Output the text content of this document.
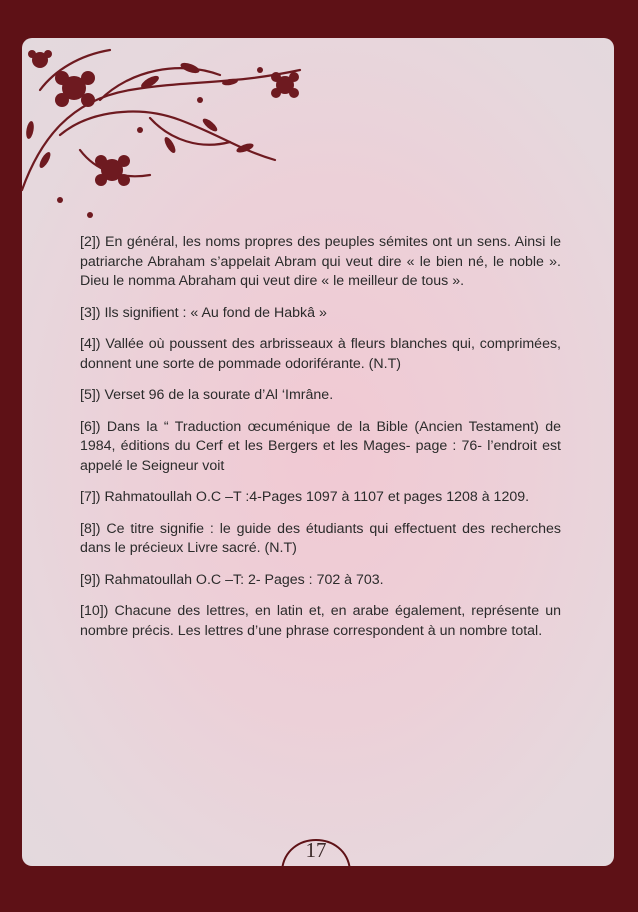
[2]) En général, les noms propres des peuples sémites ont un sens. Ainsi le patriarche Abraham s’appelait Abram qui veut dire « le bien né, le noble ». Dieu le nomma Abraham qui veut dire « le meilleur de tous ».

[3]) Ils signifient : « Au fond de Habkâ »

[4]) Vallée où poussent des arbrisseaux à fleurs blanches qui, comprimées, donnent une sorte de pommade odoriférante. (N.T)

[5]) Verset 96 de la sourate d’Al ‘Imrâne.

[6]) Dans la “ Traduction œcuménique de la Bible (Ancien Testament) de 1984, éditions du Cerf et les Bergers et les Mages- page : 76- l’endroit est appelé le Seigneur voit

[7]) Rahmatoullah O.C –T :4-Pages 1097 à 1107 et pages 1208 à 1209.

[8]) Ce titre signifie : le guide des étudiants qui effectuent des recherches dans le précieux Livre sacré. (N.T)

[9]) Rahmatoullah O.C –T: 2- Pages : 702 à 703.

[10]) Chacune des lettres, en latin et, en arabe également, représente un nombre précis. Les lettres d’une phrase correspondent à un nombre total.

17
